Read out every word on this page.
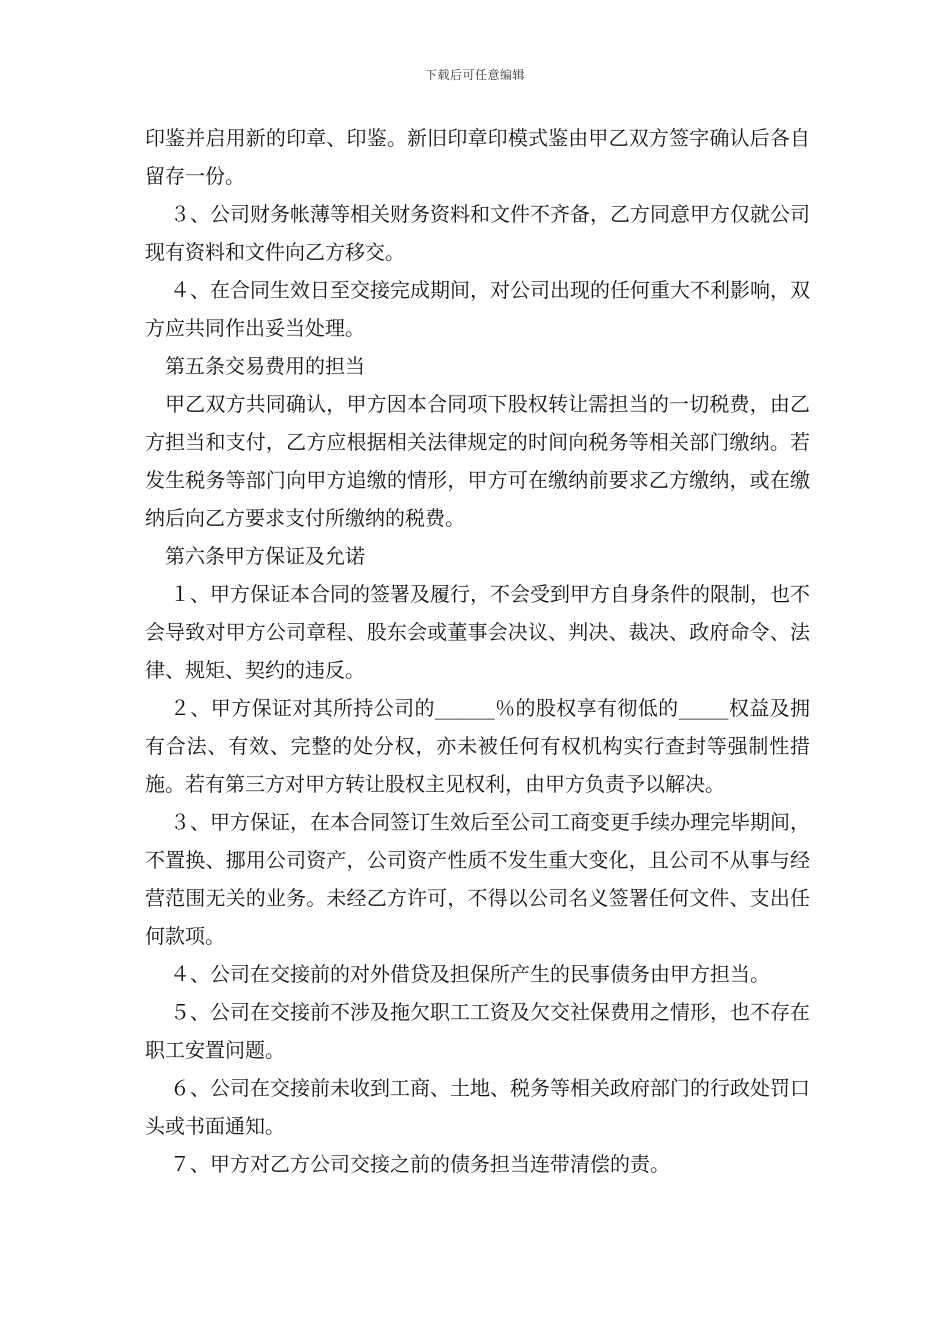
下载后可任意编辑

印鉴并启用新的印章、印鉴。新旧印章印模式鉴由甲乙双方签字确认后各自留存一份。

３、公司财务帐薄等相关财务资料和文件不齐备，乙方同意甲方仅就公司现有资料和文件向乙方移交。

４、在合同生效日至交接完成期间，对公司出现的任何重大不利影响，双方应共同作出妥当处理。

第五条交易费用的担当

甲乙双方共同确认，甲方因本合同项下股权转让需担当的一切税费，由乙方担当和支付，乙方应根据相关法律规定的时间向税务等相关部门缴纳。若发生税务等部门向甲方追缴的情形，甲方可在缴纳前要求乙方缴纳，或在缴纳后向乙方要求支付所缴纳的税费。

第六条甲方保证及允诺

１、甲方保证本合同的签署及履行，不会受到甲方自身条件的限制，也不会导致对甲方公司章程、股东会或董事会决议、判决、裁决、政府命令、法律、规矩、契约的违反。

２、甲方保证对其所持公司的______％的股权享有彻低的_____权益及拥有合法、有效、完整的处分权，亦未被任何有权机构实行查封等强制性措施。若有第三方对甲方转让股权主见权利，由甲方负责予以解决。

３、甲方保证，在本合同签订生效后至公司工商变更手续办理完毕期间，不置换、挪用公司资产，公司资产性质不发生重大变化，且公司不从事与经营范围无关的业务。未经乙方许可，不得以公司名义签署任何文件、支出任何款项。

４、公司在交接前的对外借贷及担保所产生的民事债务由甲方担当。

５、公司在交接前不涉及拖欠职工工资及欠交社保费用之情形，也不存在职工安置问题。

６、公司在交接前未收到工商、土地、税务等相关政府部门的行政处罚口头或书面通知。

７、甲方对乙方公司交接之前的债务担当连带清偿的责。
